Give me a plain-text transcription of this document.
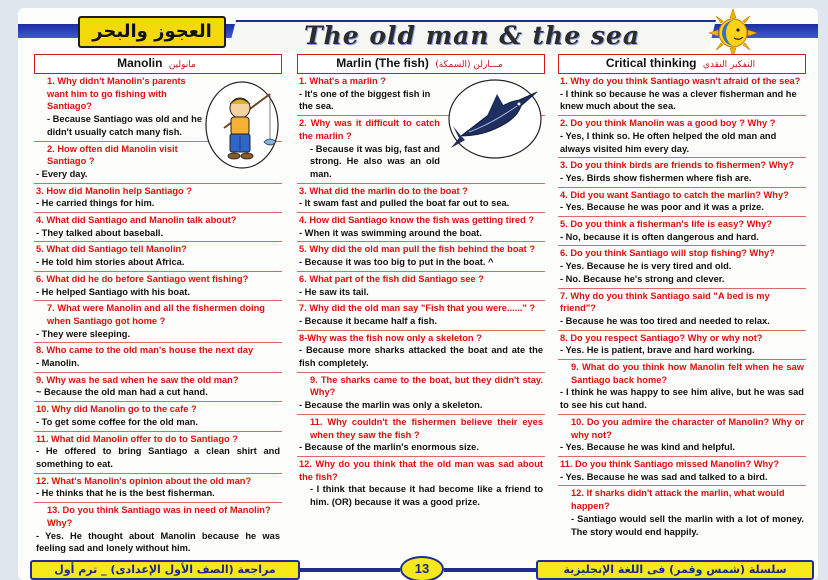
العجوز والبحر	The old man & the sea
Manolin مانولين
1. Why didn't Manolin's parents want him to go fishing with Santiago?
- Because Santiago was old and he didn't usually catch many fish.
2. How often did Manolin visit Santiago ?
- Every day.
3. How did Manolin help Santiago ?
- He carried things for him.
4. What did Santiago and Manolin talk about?
- They talked about baseball.
5. What did Santiago tell Manolin?
- He told him stories about Africa.
6. What did he do before Santiago went fishing?
- He helped Santiago with his boat.
7. What were Manolin and all the fishermen doing when Santiago got home ?
- They were sleeping.
8. Who came to the old man's house the next day
- Manolin.
9. Why was he sad when he saw the old man?
~ Because the old man had a cut hand.
10. Why did Manolin go to the cafe ?
- To get some coffee for the old man.
11. What did Manolin offer to do to Santiago ?
- He offered to bring Santiago a clean shirt and something to eat.
12. What's Manolin's opinion about the old man?
- He thinks that he is the best fisherman.
13. Do you think Santiago was in need of Manolin? Why?
- Yes. He thought about Manolin because he was feeling sad and lonely without him.
Marlin (The fish) مـــارلن (السمكة)
1. What's a marlin ?
- It's one of the biggest fish in the sea.
2. Why was it difficult to catch the marlin ?
- Because it was big, fast and strong. He also was an old man.
3. What did the marlin do to the boat ?
- It swam fast and pulled the boat far out to sea.
4. How did Santiago know the fish was getting tired ?
- When it was swimming around the boat.
5. Why did the old man pull the fish behind the boat ?
- Because it was too big to put in the boat. ^
6. What part of the fish did Santiago see ?
- He saw its tail.
7. Why did the old man say "Fish that you were......" ?
- Because it became half a fish.
8-Why was the fish now only a skeleton ?
- Because more sharks attacked the boat and ate the fish completely.
9. The sharks came to the boat, but they didn't stay. Why?
- Because the marlin was only a skeleton.
11. Why couldn't the fishermen believe their eyes when they saw the fish ?
- Because of the marlin's enormous size.
12. Why do you think that the old man was sad about the fish?
- I think that because it had become like a friend to him. (OR) because it was a good prize.
Critical thinking التفكير النقدي
1. Why do you think Santiago wasn't afraid of the sea?
- I think so because he was a clever fisherman and he knew much about the sea.
2. Do you think Manolin was a good boy ? Why ?
- Yes, I think so. He often helped the old man and always visited him every day.
3. Do you think birds are friends to fishermen? Why?
- Yes. Birds show fishermen where fish are.
4. Did you want Santiago to catch the marlin? Why?
- Yes. Because he was poor and it was a prize.
5. Do you think a fisherman's life is easy? Why?
- No, because it is often dangerous and hard.
6. Do you think Santiago will stop fishing? Why?
- Yes. Because he is very tired and old.
- No. Because he's strong and clever.
7. Why do you think Santiago said "A bed is my friend"?
- Because he was too tired and needed to relax.
8. Do you respect Santiago? Why or why not?
- Yes. He is patient, brave and hard working.
9. What do you think how Manolin felt when he saw Santiago back home?
- I think he was happy to see him alive, but he was sad to see his cut hand.
10. Do you admire the character of Manolin? Why or why not?
- Yes. Because he was kind and helpful.
11. Do you think Santiago missed Manolin? Why?
- Yes. Because he was sad and talked to a bird.
12. If sharks didn't attack the marlin, what would happen?
- Santiago would sell the marlin with a lot of money. The story would end happily.
مراجعة (الصف الأول الإعدادى) _ ترم أول	13	سلسلة (شمس وقمر) فى اللغة الإنجليزية
